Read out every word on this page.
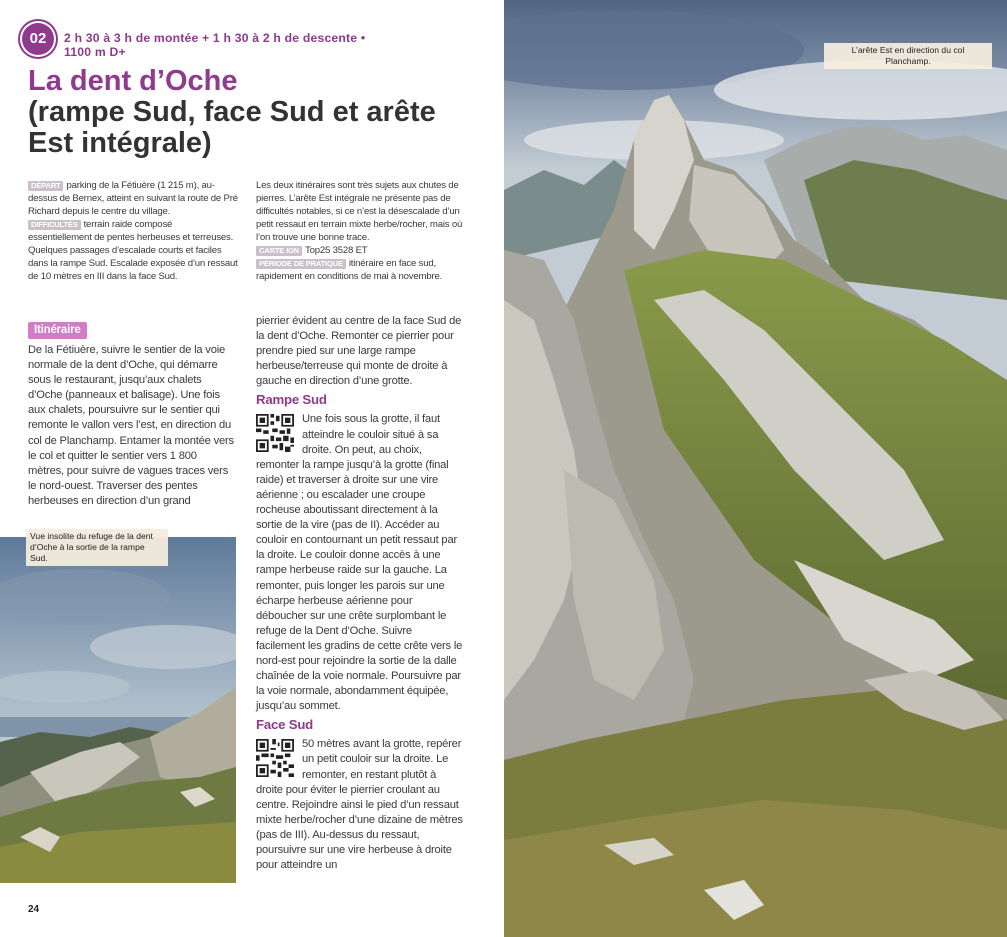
02	2 h 30 à 3 h de montée + 1 h 30 à 2 h de descente • 1100 m D+
La dent d’Oche
(rampe Sud, face Sud et arête Est intégrale)
DÉPART parking de la Fétiuère (1 215 m), au-dessus de Bernex, atteint en suivant la route de Pré Richard depuis le centre du village.
DIFFICULTÉS terrain raide composé essentiellement de pentes herbeuses et terreuses. Quelques passages d’escalade courts et faciles dans la rampe Sud. Escalade exposée d’un ressaut de 10 mètres en III dans la face Sud.
Les deux itinéraires sont très sujets aux chutes de pierres. L’arête Est intégrale ne présente pas de difficultés notables, si ce n’est la désescalade d’un petit ressaut en terrain mixte herbe/rocher, mais où l’on trouve une bonne trace.
CARTE IGN Top25 3528 ET
PÉRIODE DE PRATIQUE itinéraire en face sud, rapidement en conditions de mai à novembre.
Itinéraire
De la Fétiuère, suivre le sentier de la voie normale de la dent d’Oche, qui démarre sous le restaurant, jusqu’aux chalets d’Oche (panneaux et balisage). Une fois aux chalets, poursuivre sur le sentier qui remonte le vallon vers l’est, en direction du col de Planchamp. Entamer la montée vers le col et quitter le sentier vers 1 800 mètres, pour suivre de vagues traces vers le nord-ouest. Traverser des pentes herbeuses en direction d’un grand
pierrier évident au centre de la face Sud de la dent d’Oche. Remonter ce pierrier pour prendre pied sur une large rampe herbeuse/terreuse qui monte de droite à gauche en direction d’une grotte.
Rampe Sud
Une fois sous la grotte, il faut atteindre le couloir situé à sa droite. On peut, au choix, remonter la rampe jusqu’à la grotte (final raide) et traverser à droite sur une vire aérienne ; ou escalader une croupe rocheuse aboutissant directement à la sortie de la vire (pas de II). Accéder au couloir en contournant un petit ressaut par la droite. Le couloir donne accès à une rampe herbeuse raide sur la gauche. La remonter, puis longer les parois sur une écharpe herbeuse aérienne pour déboucher sur une crête surplombant le refuge de la Dent d’Oche. Suivre facilement les gradins de cette crête vers le nord-est pour rejoindre la sortie de la dalle chaînée de la voie normale. Poursuivre par la voie normale, abondamment équipée, jusqu’au sommet.
Face Sud
50 mètres avant la grotte, repérer un petit couloir sur la droite. Le remonter, en restant plutôt à droite pour éviter le pierrier croulant au centre. Rejoindre ainsi le pied d’un ressaut mixte herbe/rocher d’une dizaine de mètres (pas de III). Au-dessus du ressaut, poursuivre sur une vire herbeuse à droite pour atteindre un
Vue insolite du refuge de la dent d’Oche à la sortie de la rampe Sud.
24
L’arête Est en direction du col Planchamp.
